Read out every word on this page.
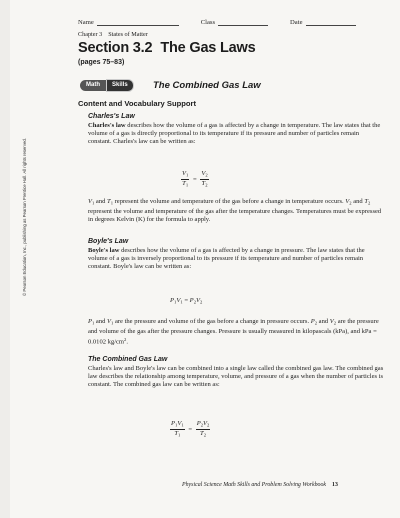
Name	Class	Date
Chapter 3 States of Matter
Section 3.2 The Gas Laws
(pages 75–83)
Math	Skills	The Combined Gas Law
Content and Vocabulary Support
Charles's Law
Charles's law describes how the volume of a gas is affected by a change in temperature. The law states that the volume of a gas is directly proportional to its temperature if its pressure and number of particles remain constant. Charles's law can be written as:
$\frac{V_1}{T_1} = \frac{V_2}{T_2}$
$V_1$ and $T_1$ represent the volume and temperature of the gas before a change in temperature occurs. $V_2$ and $T_2$ represent the volume and temperature of the gas after the temperature changes. Temperatures must be expressed in degrees Kelvin (K) for the formula to apply.
Boyle's Law
Boyle's law describes how the volume of a gas is affected by a change in pressure. The law states that the volume of a gas is inversely proportional to its pressure if its temperature and number of particles remain constant. Boyle's law can be written as:
$P_1V_1 = P_2V_2$
$P_1$ and $V_1$ are the pressure and volume of the gas before a change in pressure occurs. $P_2$ and $V_2$ are the pressure and volume of the gas after the pressure changes. Pressure is usually measured in kilopascals (kPa), and kPa = 0.0102 $kg/cm^2$.
The Combined Gas Law
Charles's law and Boyle's law can be combined into a single law called the combined gas law. The combined gas law describes the relationship among temperature, volume, and pressure of a gas when the number of particles is constant. The combined gas law can be written as:
$\frac{P_1V_1}{T_1} = \frac{P_2V_2}{T_2}$
Physical Science Math Skills and Problem Solving Workbook 13
© Pearson Education, Inc., publishing as Pearson Prentice Hall. All rights reserved.
